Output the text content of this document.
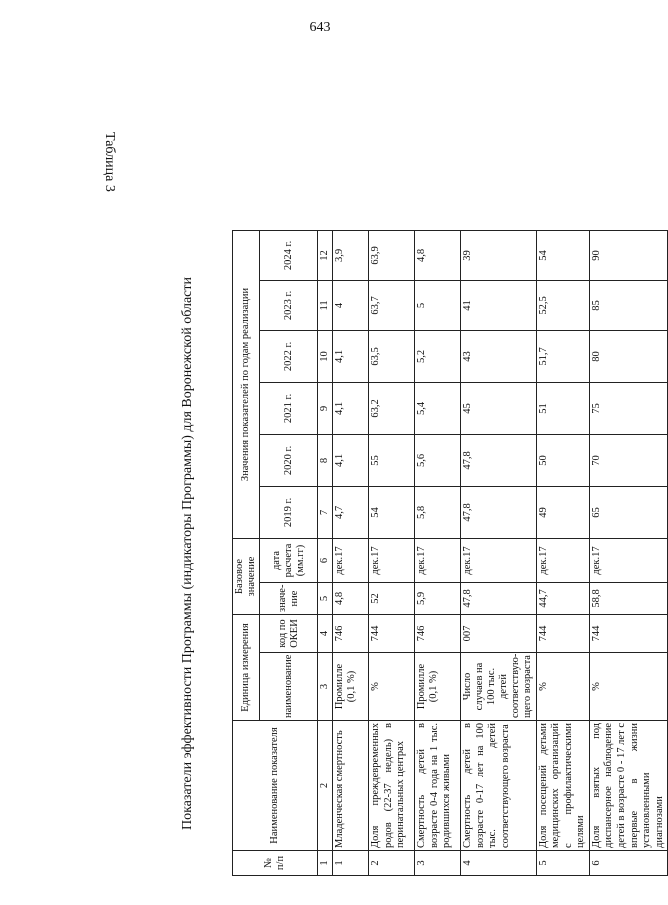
643
Таблица 3
Показатели эффективности Программы (индикаторы Программы) для Воронежской области
№ п/п	Наименование показателя	Единица измерения		Базовое значение		Значения показателей по годам реализации					
		наименование	код по ОКЕИ	значе-ние	дата расчета (мм.гг)	2019 г.	2020 г.	2021 г.	2022 г.	2023 г.	2024 г.
1	2	3	4	5	6	7	8	9	10	11	12
1	Младенческая смертность	Промилле (0,1 %)	746	4,8	дек.17	4,7	4,1	4,1	4,1	4	3,9
2	Доля преждевременных родов (22-37 недель) в перинатальных центрах	%	744	52	дек.17	54	55	63,2	63,5	63,7	63,9
3	Смертность детей в возрасте 0-4 года на 1 тыс. родившихся живыми	Промилле (0,1 %)	746	5,9	дек.17	5,8	5,6	5,4	5,2	5	4,8
4	Смертность детей в возрасте 0-17 лет на 100 тыс. детей соответствующего возраста	Число случаев на 100 тыс. детей соответствую-щего возраста	007	47,8	дек.17	47,8	47,8	45	43	41	39
5	Доля посещений детьми медицинских организаций с профилактическими целями	%	744	44,7	дек.17	49	50	51	51,7	52,5	54
6	Доля взятых под диспансерное наблюдение детей в возрасте 0 - 17 лет с впервые в жизни установленными диагнозами	%	744	58,8	дек.17	65	70	75	80	85	90
